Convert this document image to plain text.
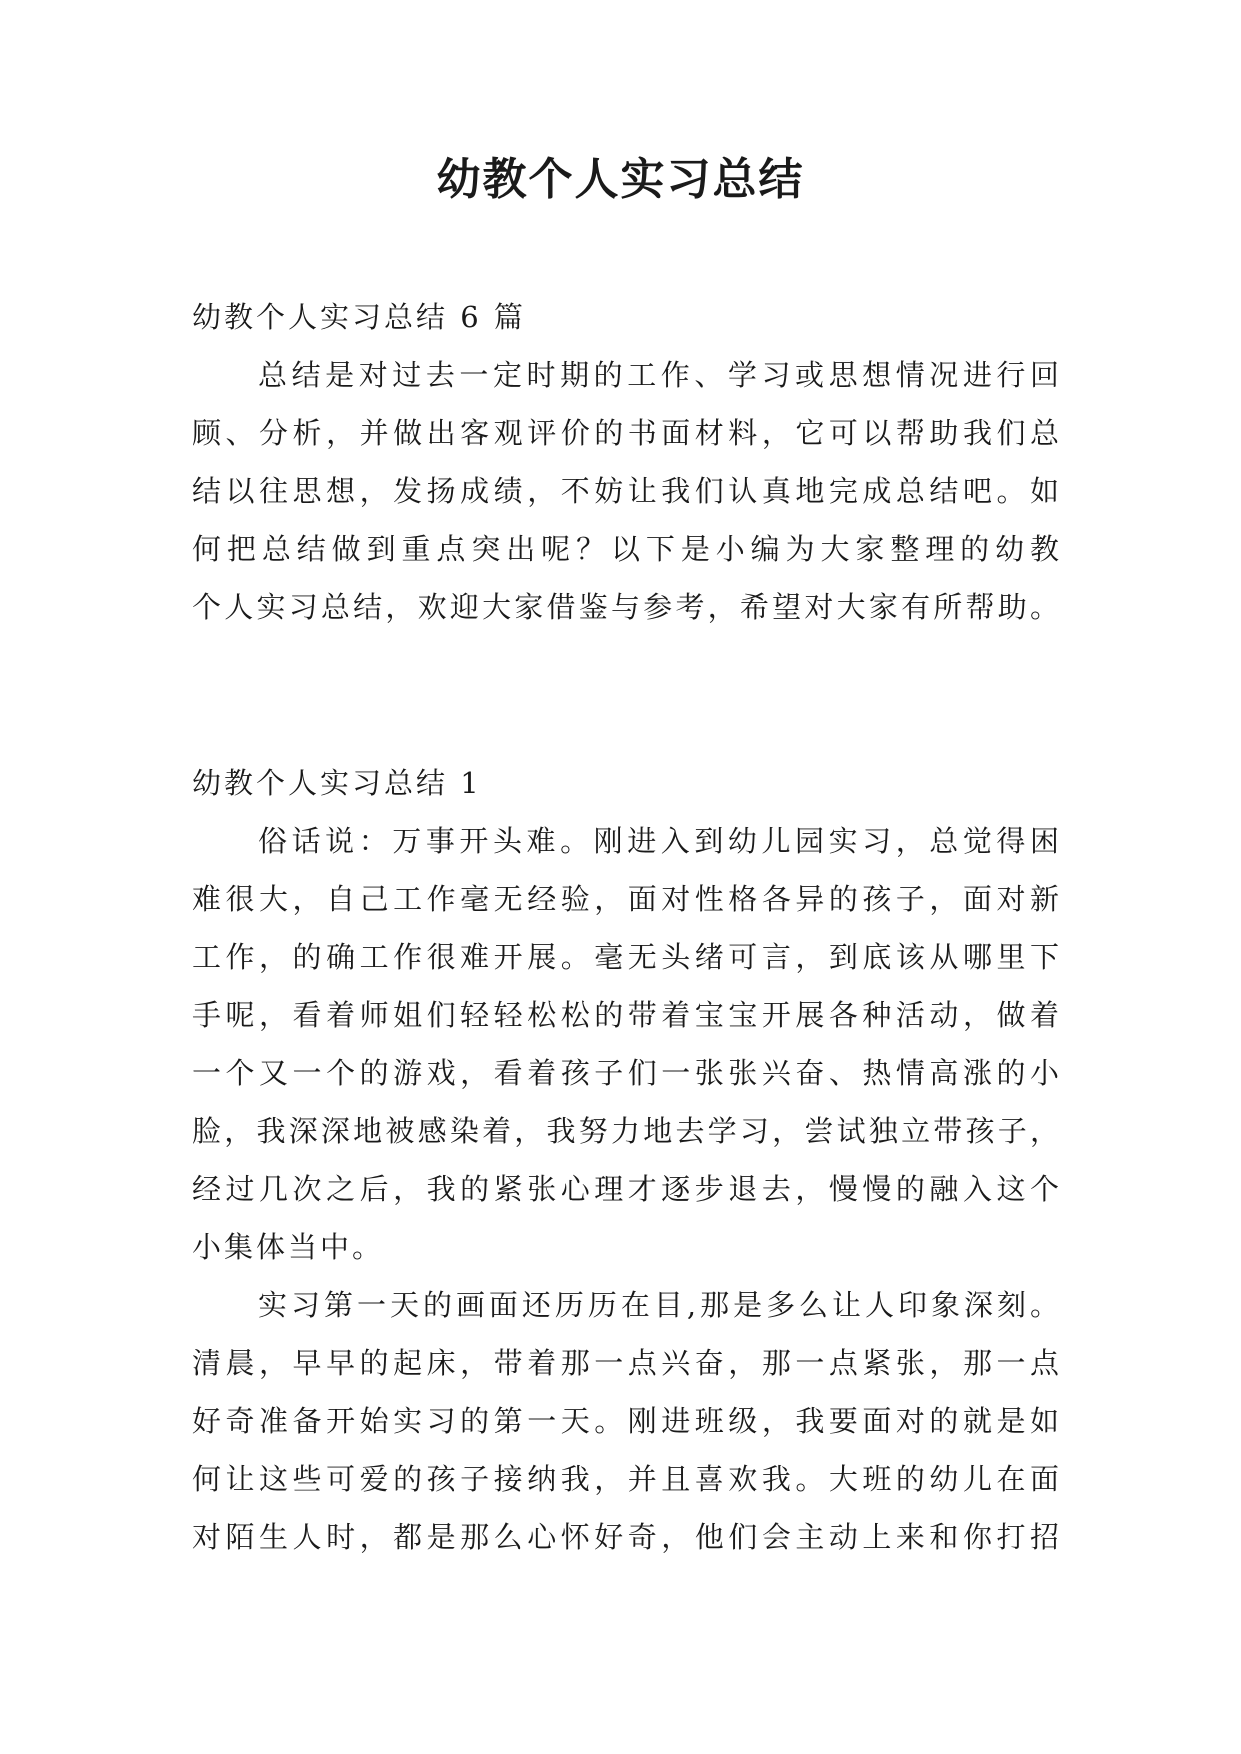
幼教个人实习总结

幼教个人实习总结 6 篇

总结是对过去一定时期的工作、学习或思想情况进行回

顾、分析，并做出客观评价的书面材料，它可以帮助我们总

结以往思想，发扬成绩，不妨让我们认真地完成总结吧。如

何把总结做到重点突出呢？以下是小编为大家整理的幼教

个人实习总结，欢迎大家借鉴与参考，希望对大家有所帮助。

幼教个人实习总结 1

俗话说：万事开头难。刚进入到幼儿园实习，总觉得困

难很大，自己工作毫无经验，面对性格各异的孩子，面对新

工作，的确工作很难开展。毫无头绪可言，到底该从哪里下

手呢，看着师姐们轻轻松松的带着宝宝开展各种活动，做着

一个又一个的游戏，看着孩子们一张张兴奋、热情高涨的小

脸，我深深地被感染着，我努力地去学习，尝试独立带孩子，

经过几次之后，我的紧张心理才逐步退去，慢慢的融入这个

小集体当中。

实习第一天的画面还历历在目,那是多么让人印象深刻。

清晨，早早的起床，带着那一点兴奋，那一点紧张，那一点

好奇准备开始实习的第一天。刚进班级，我要面对的就是如

何让这些可爱的孩子接纳我，并且喜欢我。大班的幼儿在面

对陌生人时，都是那么心怀好奇，他们会主动上来和你打招
